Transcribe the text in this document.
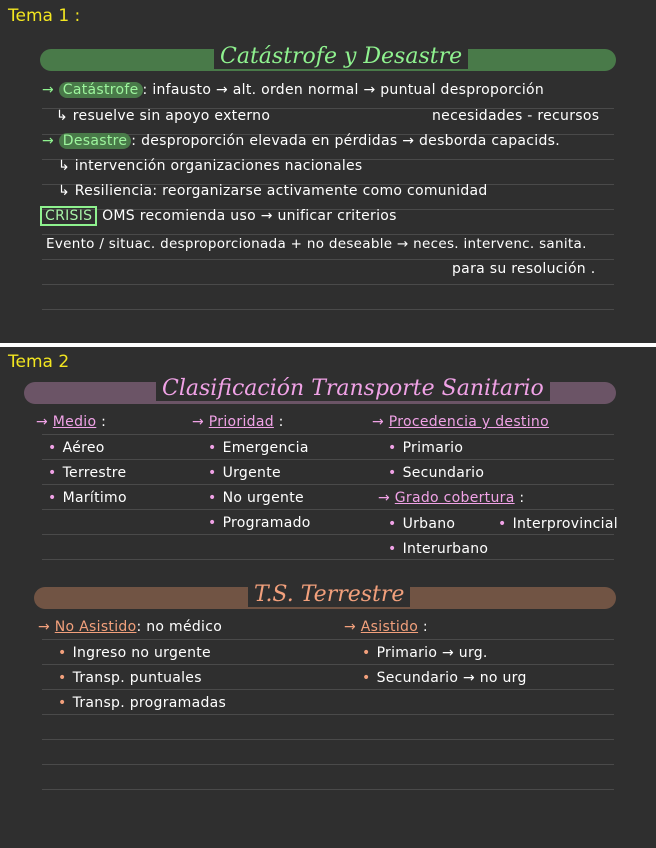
Tema 1 :
Catástrofe y Desastre
→ Catástrofe : infausto → alt. orden normal → puntual desproporción
↳ resuelve sin apoyo externo	necesidades - recursos
→ Desastre : desproporción elevada en pérdidas → desborda capacids.
↳ intervención organizaciones nacionales
↳ Resiliencia: reorganizarse activamente como comunidad
CRISIS OMS recomienda uso → unificar criterios
Evento / situac. desproporcionada + no deseable → neces. intervenc. sanita.
para su resolución .
Tema 2
Clasificación Transporte Sanitario
→ Medio :
• Aéreo
• Terrestre
• Marítimo
→ Prioridad :
• Emergencia
• Urgente
• No urgente
• Programado
→ Procedencia y destino
• Primario
• Secundario
→ Grado cobertura :
• Urbano	• Interprovincial
• Interurbano
T.S. Terrestre
→ No Asistido: no médico
• Ingreso no urgente
• Transp. puntuales
• Transp. programadas
→ Asistido :
• Primario → urg.
• Secundario → no urg
